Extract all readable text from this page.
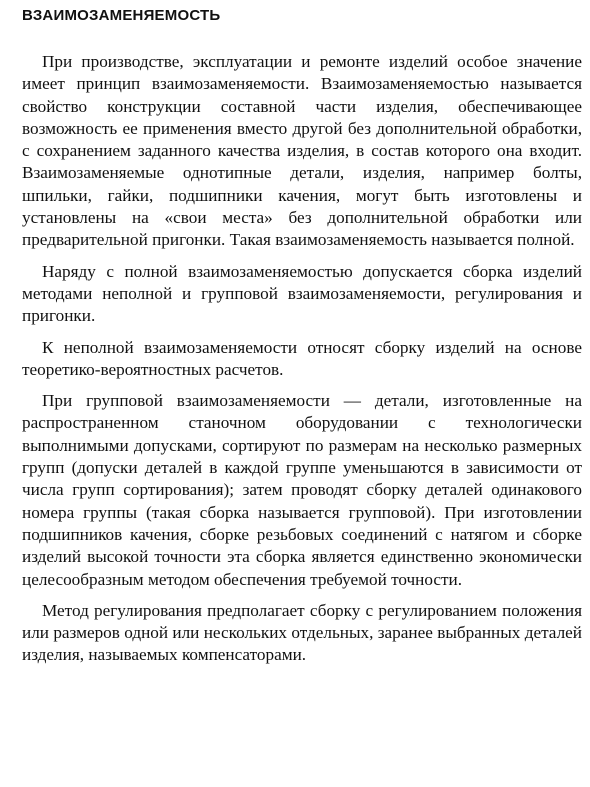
ВЗАИМОЗАМЕНЯЕМОСТЬ

При производстве, эксплуатации и ремонте изделий особое значение имеет принцип взаимозаменяемости. Взаимозаменяемостью называется свойство конструкции составной части изделия, обеспечивающее возможность ее применения вместо другой без дополнительной обработки, с сохранением заданного качества изделия, в состав которого она входит. Взаимозаменяемые однотипные детали, изделия, например болты, шпильки, гайки, подшипники качения, могут быть изготовлены и установлены на «свои места» без дополнительной обработки или предварительной пригонки. Такая взаимозаменяемость называется полной.

Наряду с полной взаимозаменяемостью допускается сборка изделий методами неполной и групповой взаимозаменяемости, регулирования и пригонки.

К неполной взаимозаменяемости относят сборку изделий на основе теоретико-вероятностных расчетов.

При групповой взаимозаменяемости — детали, изготовленные на распространенном станочном оборудовании с технологически выполнимыми допусками, сортируют по размерам на несколько размерных групп (допуски деталей в каждой группе уменьшаются в зависимости от числа групп сортирования); затем проводят сборку деталей одинакового номера группы (такая сборка называется групповой). При изготовлении подшипников качения, сборке резьбовых соединений с натягом и сборке изделий высокой точности эта сборка является единственно экономически целесообразным методом обеспечения требуемой точности.

Метод регулирования предполагает сборку с регулированием положения или размеров одной или нескольких отдельных, заранее выбранных деталей изделия, называемых компенсаторами.
